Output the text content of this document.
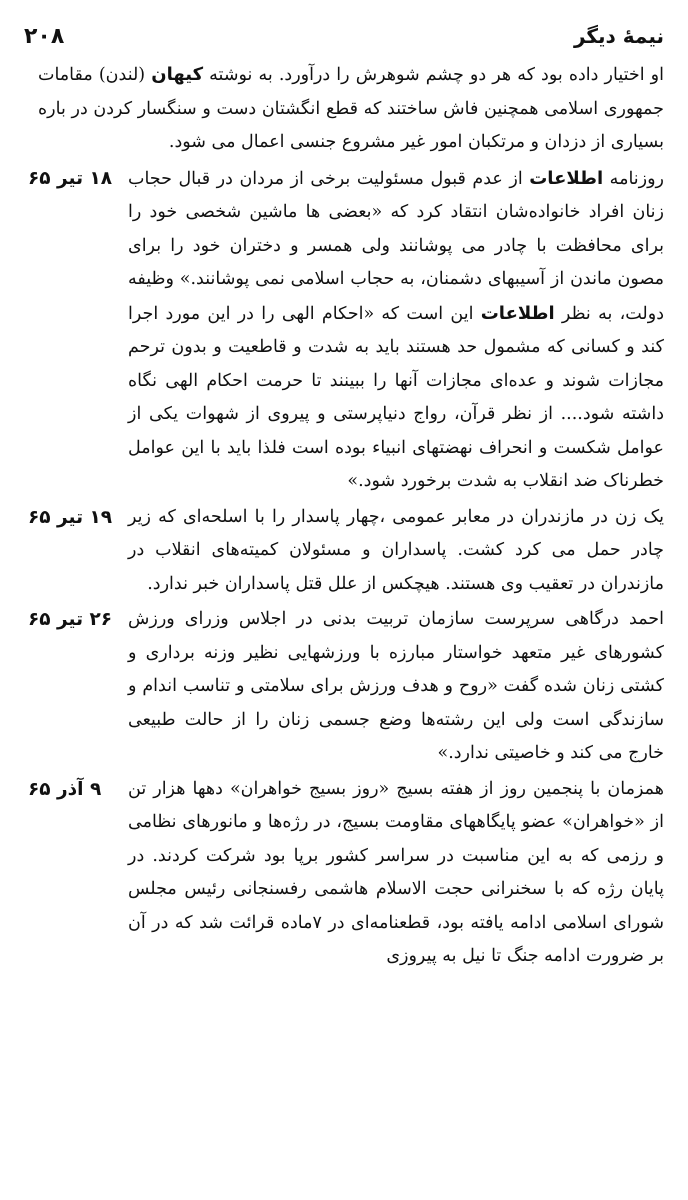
نیمهٔ دیگر
۲۰۸
او اختیار داده بود که هر دو چشم شوهرش را درآورد. به نوشته کیهان (لندن) مقامات جمهوری اسلامی همچنین فاش ساختند که قطع انگشتان دست و سنگسار کردن در باره بسیاری از دزدان و مرتکبان امور غیر مشروع جنسی اعمال می شود.
۱۸ تیر ۶۵	روزنامه اطلاعات از عدم قبول مسئولیت برخی از مردان در قبال حجاب زنان افراد خانواده‌شان انتقاد کرد که «بعضی ها ماشین شخصی خود را برای محافظت با چادر می پوشانند ولی همسر و دختران خود را برای مصون ماندن از آسیبهای دشمنان، به حجاب اسلامی نمی پوشانند.» وظیفه دولت، به نظر اطلاعات این است که «احکام الهی را در این مورد اجرا کند و کسانی که مشمول حد هستند باید به شدت و قاطعیت و بدون ترحم مجازات شوند و عده‌ای مجازات آنها را ببینند تا حرمت احکام الهی نگاه داشته شود.... از نظر قرآن، رواج دنیاپرستی و پیروی از شهوات یکی از عوامل شکست و انحراف نهضتهای انبیاء بوده است فلذا باید با این عوامل خطرناک ضد انقلاب به شدت برخورد شود.»
۱۹ تیر ۶۵ یک زن در مازندران در معابر عمومی ،چهار پاسدار را با اسلحه‌ای که زیر چادر حمل می کرد کشت. پاسداران و مسئولان کمیته‌های انقلاب در مازندران در تعقیب وی هستند. هیچکس از علل قتل پاسداران خبر ندارد.
۲۶ تیر ۶۵ احمد درگاهی سرپرست سازمان تربیت بدنی در اجلاس وزرای ورزش کشورهای غیر متعهد خواستار مبارزه با ورزشهایی نظیر وزنه برداری و کشتی زنان شده گفت «روح و هدف ورزش برای سلامتی و تناسب اندام و سازندگی است ولی این رشته‌ها وضع جسمی زنان را از حالت طبیعی خارج می کند و خاصیتی ندارد.»
۹ آذر ۶۵	همزمان با پنجمین روز از هفته بسیج «روز بسیج خواهران» دهها هزار تن از «خواهران» عضو پایگاههای مقاومت بسیج، در رژه‌ها و مانورهای نظامی و رزمی که به این مناسبت در سراسر کشور برپا بود شرکت کردند. در پایان رژه که با سخنرانی حجت الاسلام هاشمی رفسنجانی رئیس مجلس شورای اسلامی ادامه یافته بود، قطعنامه‌ای در ۷ماده قرائت شد که در آن بر ضرورت ادامه جنگ تا نیل به پیروزی
